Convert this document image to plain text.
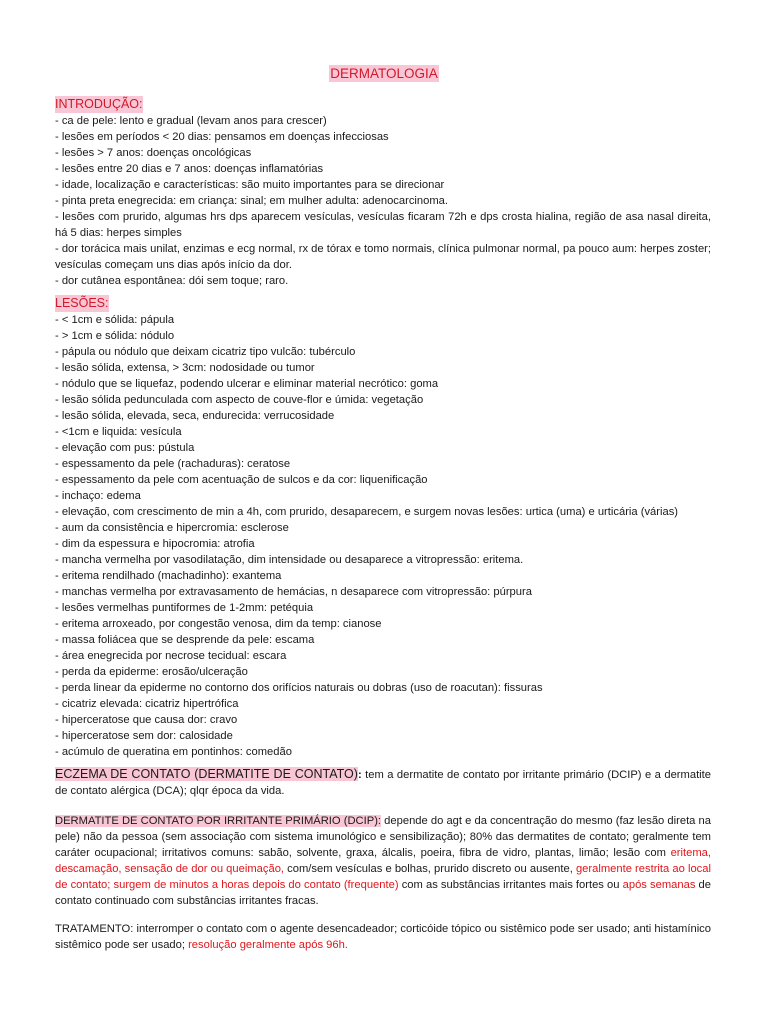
DERMATOLOGIA
INTRODUÇÃO:
- ca de pele: lento e gradual (levam anos para crescer)
- lesões em períodos < 20 dias: pensamos em doenças infecciosas
- lesões > 7 anos: doenças oncológicas
- lesões entre 20 dias e 7 anos: doenças inflamatórias
- idade, localização e características: são muito importantes para se direcionar
- pinta preta enegrecida: em criança: sinal; em mulher adulta: adenocarcinoma.
- lesões com prurido, algumas hrs dps aparecem vesículas, vesículas ficaram 72h e dps crosta hialina, região de asa nasal direita, há 5 dias: herpes simples
- dor torácica mais unilat, enzimas e ecg normal, rx de tórax e tomo normais, clínica pulmonar normal, pa pouco aum: herpes zoster; vesículas começam uns dias após início da dor.
- dor cutânea espontânea: dói sem toque; raro.
LESÕES:
- < 1cm e sólida: pápula
- > 1cm e sólida: nódulo
- pápula ou nódulo que deixam cicatriz tipo vulcão: tubérculo
- lesão sólida, extensa, > 3cm: nodosidade ou tumor
- nódulo que se liquefaz, podendo ulcerar e eliminar material necrótico: goma
- lesão sólida pedunculada com aspecto de couve-flor e úmida: vegetação
- lesão sólida, elevada, seca, endurecida: verrucosidade
- <1cm e liquida: vesícula
- elevação com pus: pústula
- espessamento da pele (rachaduras): ceratose
- espessamento da pele com acentuação de sulcos e da cor: liquenificação
- inchaço: edema
- elevação, com crescimento de min a 4h, com prurido, desaparecem, e surgem novas lesões: urtica (uma) e urticária (várias)
- aum da consistência e hipercromia: esclerose
- dim da espessura e hipocromia: atrofia
- mancha vermelha por vasodilatação, dim intensidade ou desaparece a vitropressão: eritema.
- eritema rendilhado (machadinho): exantema
- manchas vermelha por extravasamento de hemácias, n desaparece com vitropressão: púrpura
- lesões vermelhas puntiformes de 1-2mm: petéquia
- eritema arroxeado, por congestão venosa, dim da temp: cianose
- massa foliácea que se desprende da pele: escama
- área enegrecida por necrose tecidual: escara
- perda da epiderme: erosão/ulceração
- perda linear da epiderme no contorno dos orifícios naturais ou dobras (uso de roacutan): fissuras
- cicatriz elevada: cicatriz hipertrófica
- hiperceratose que causa dor: cravo
- hiperceratose sem dor: calosidade
- acúmulo de queratina em pontinhos: comedão
ECZEMA DE CONTATO (DERMATITE DE CONTATO): tem a dermatite de contato por irritante primário (DCIP) e a dermatite de contato alérgica (DCA); qlqr época da vida.
DERMATITE DE CONTATO POR IRRITANTE PRIMÁRIO (DCIP): depende do agt e da concentração do mesmo (faz lesão direta na pele) não da pessoa (sem associação com sistema imunológico e sensibilização); 80% das dermatites de contato; geralmente tem caráter ocupacional; irritativos comuns: sabão, solvente, graxa, álcalis, poeira, fibra de vidro, plantas, limão; lesão com eritema, descamação, sensação de dor ou queimação, com/sem vesículas e bolhas, prurido discreto ou ausente, geralmente restrita ao local de contato; surgem de minutos a horas depois do contato (frequente) com as substâncias irritantes mais fortes ou após semanas de contato continuado com substâncias irritantes fracas.
TRATAMENTO: interromper o contato com o agente desencadeador; corticóide tópico ou sistêmico pode ser usado; anti histamínico sistêmico pode ser usado; resolução geralmente após 96h.
